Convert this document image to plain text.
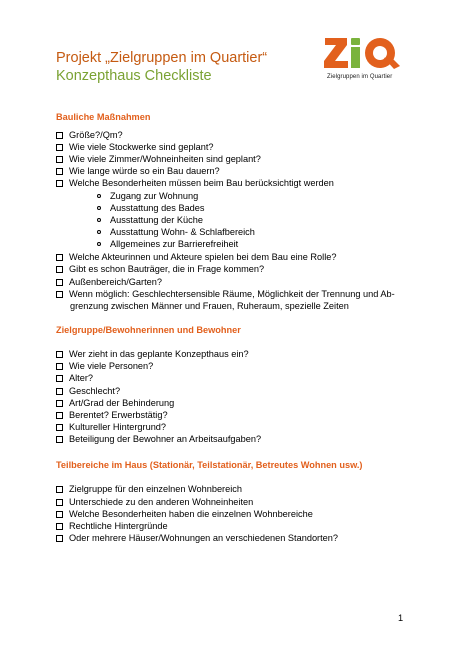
Projekt „Zielgruppen im Quartier“
Konzepthaus Checkliste	Zielgruppen im Quartier
Bauliche Maßnahmen
Größe?/Qm?
Wie viele Stockwerke sind geplant?
Wie viele Zimmer/Wohneinheiten sind geplant?
Wie lange würde so ein Bau dauern?
Welche Besonderheiten müssen beim Bau berücksichtigt werden
Zugang zur Wohnung
Ausstattung des Bades
Ausstattung der Küche
Ausstattung Wohn- & Schlafbereich
Allgemeines zur Barrierefreiheit
Welche Akteurinnen und Akteure spielen bei dem Bau eine Rolle?
Gibt es schon Bauträger, die in Frage kommen?
Außenbereich/Garten?
Wenn möglich: Geschlechtersensible Räume, Möglichkeit der Trennung und Ab-
grenzung zwischen Männer und Frauen, Ruheraum, spezielle Zeiten
Zielgruppe/Bewohnerinnen und Bewohner
Wer zieht in das geplante Konzepthaus ein?
Wie viele Personen?
Alter?
Geschlecht?
Art/Grad der Behinderung
Berentet? Erwerbstätig?
Kultureller Hintergrund?
Beteiligung der Bewohner an Arbeitsaufgaben?
Teilbereiche im Haus (Stationär, Teilstationär, Betreutes Wohnen usw.)
Zielgruppe für den einzelnen Wohnbereich
Unterschiede zu den anderen Wohneinheiten
Welche Besonderheiten haben die einzelnen Wohnbereiche
Rechtliche Hintergründe
Oder mehrere Häuser/Wohnungen an verschiedenen Standorten?
1
